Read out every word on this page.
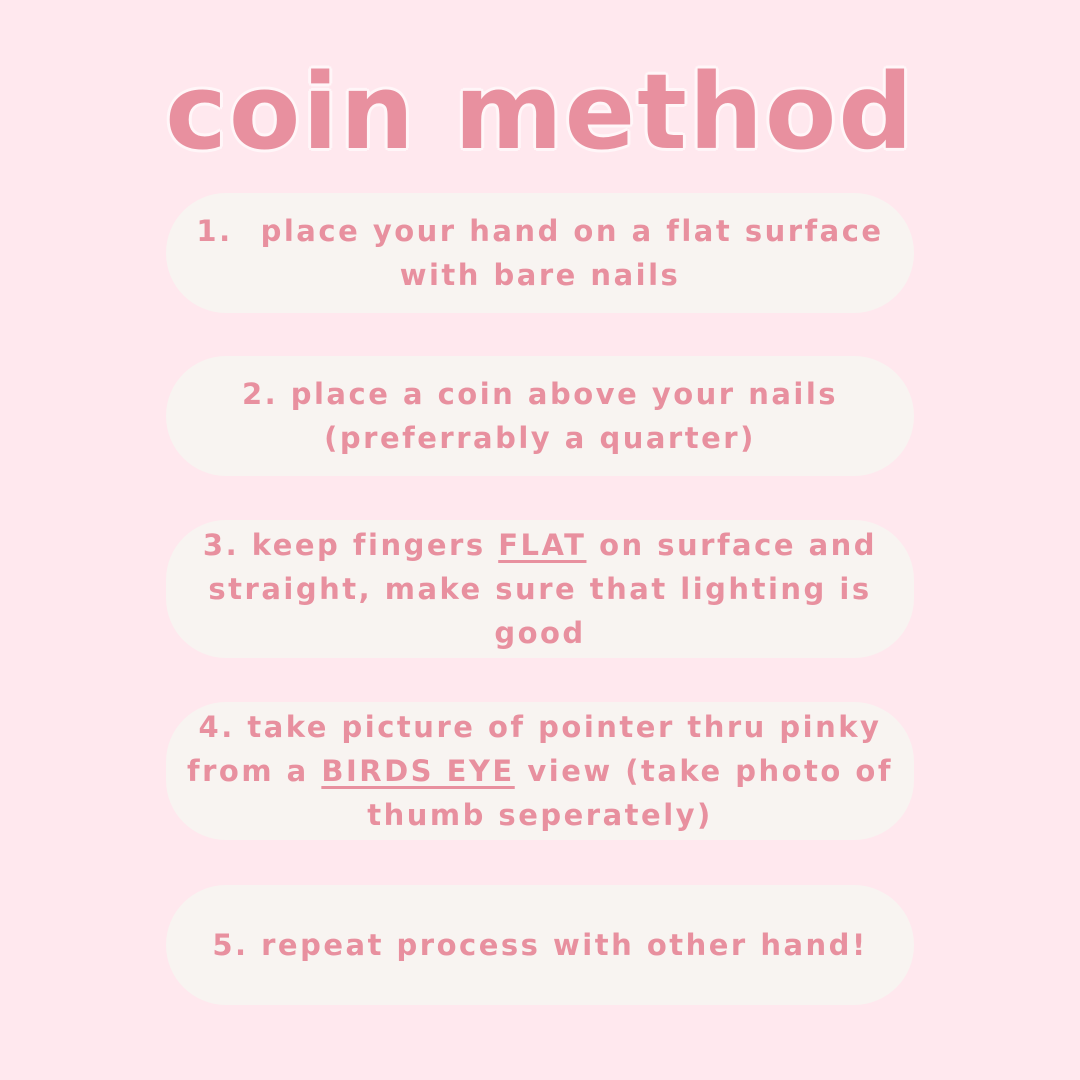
coin method

1. place your hand on a flat surface
with bare nails

2. place a coin above your nails
(preferrably a quarter)

3. keep fingers FLAT on surface and straight, make sure that lighting is good

4. take picture of pointer thru pinky from a BIRDS EYE view (take photo of thumb seperately)

5. repeat process with other hand!
